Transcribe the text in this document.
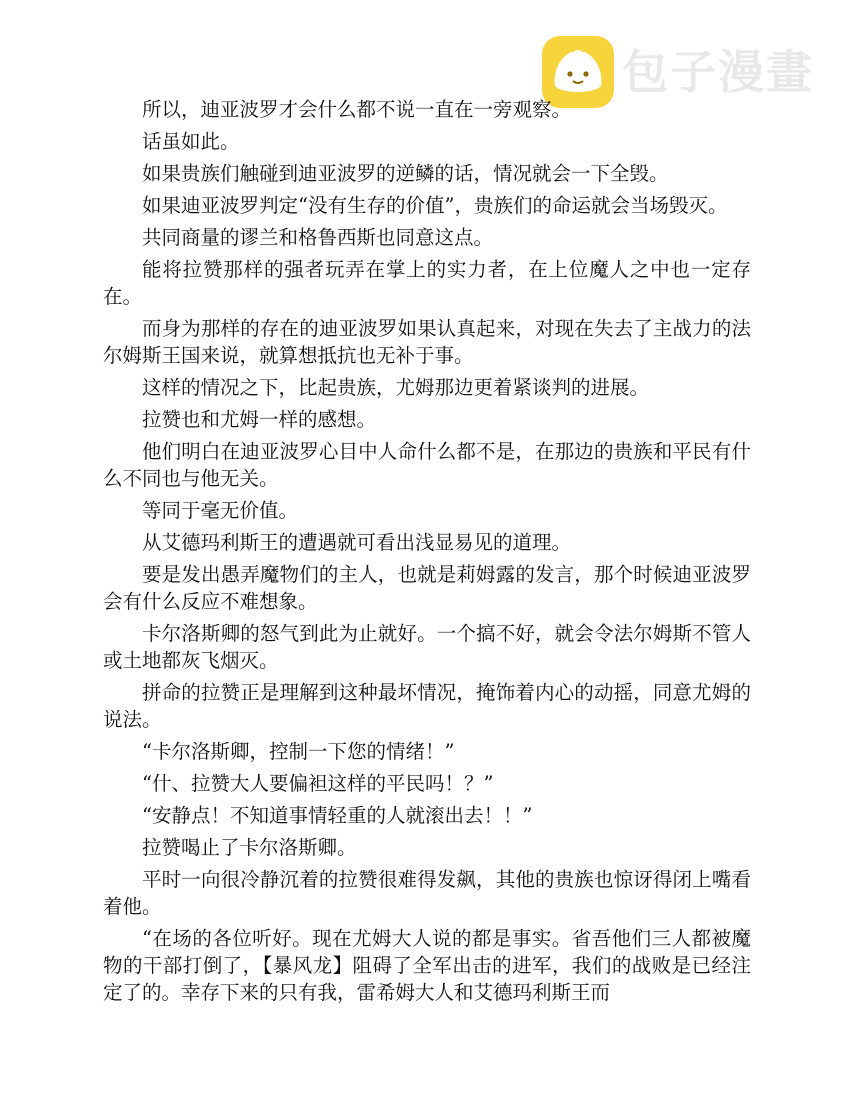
包子漫畫

所以，迪亚波罗才会什么都不说一直在一旁观察。

话虽如此。

如果贵族们触碰到迪亚波罗的逆鳞的话，情况就会一下全毁。

如果迪亚波罗判定“没有生存的价值”，贵族们的命运就会当场毁灭。

共同商量的谬兰和格鲁西斯也同意这点。

能将拉赞那样的强者玩弄在掌上的实力者，在上位魔人之中也一定存在。

而身为那样的存在的迪亚波罗如果认真起来，对现在失去了主战力的法尔姆斯王国来说，就算想抵抗也无补于事。

这样的情况之下，比起贵族，尤姆那边更着紧谈判的进展。

拉赞也和尤姆一样的感想。

他们明白在迪亚波罗心目中人命什么都不是，在那边的贵族和平民有什么不同也与他无关。

等同于毫无价值。

从艾德玛利斯王的遭遇就可看出浅显易见的道理。

要是发出愚弄魔物们的主人，也就是莉姆露的发言，那个时候迪亚波罗会有什么反应不难想象。

卡尔洛斯卿的怒气到此为止就好。一个搞不好，就会令法尔姆斯不管人或土地都灰飞烟灭。

拼命的拉赞正是理解到这种最坏情况，掩饰着内心的动摇，同意尤姆的说法。

“卡尔洛斯卿，控制一下您的情绪！”

“什、拉赞大人要偏袒这样的平民吗！？”

“安静点！不知道事情轻重的人就滚出去！！”

拉赞喝止了卡尔洛斯卿。

平时一向很冷静沉着的拉赞很难得发飙，其他的贵族也惊讶得闭上嘴看着他。

“在场的各位听好。现在尤姆大人说的都是事实。省吾他们三人都被魔物的干部打倒了，【暴风龙】阻碍了全军出击的进军，我们的战败是已经注定了的。幸存下来的只有我，雷希姆大人和艾德玛利斯王而
